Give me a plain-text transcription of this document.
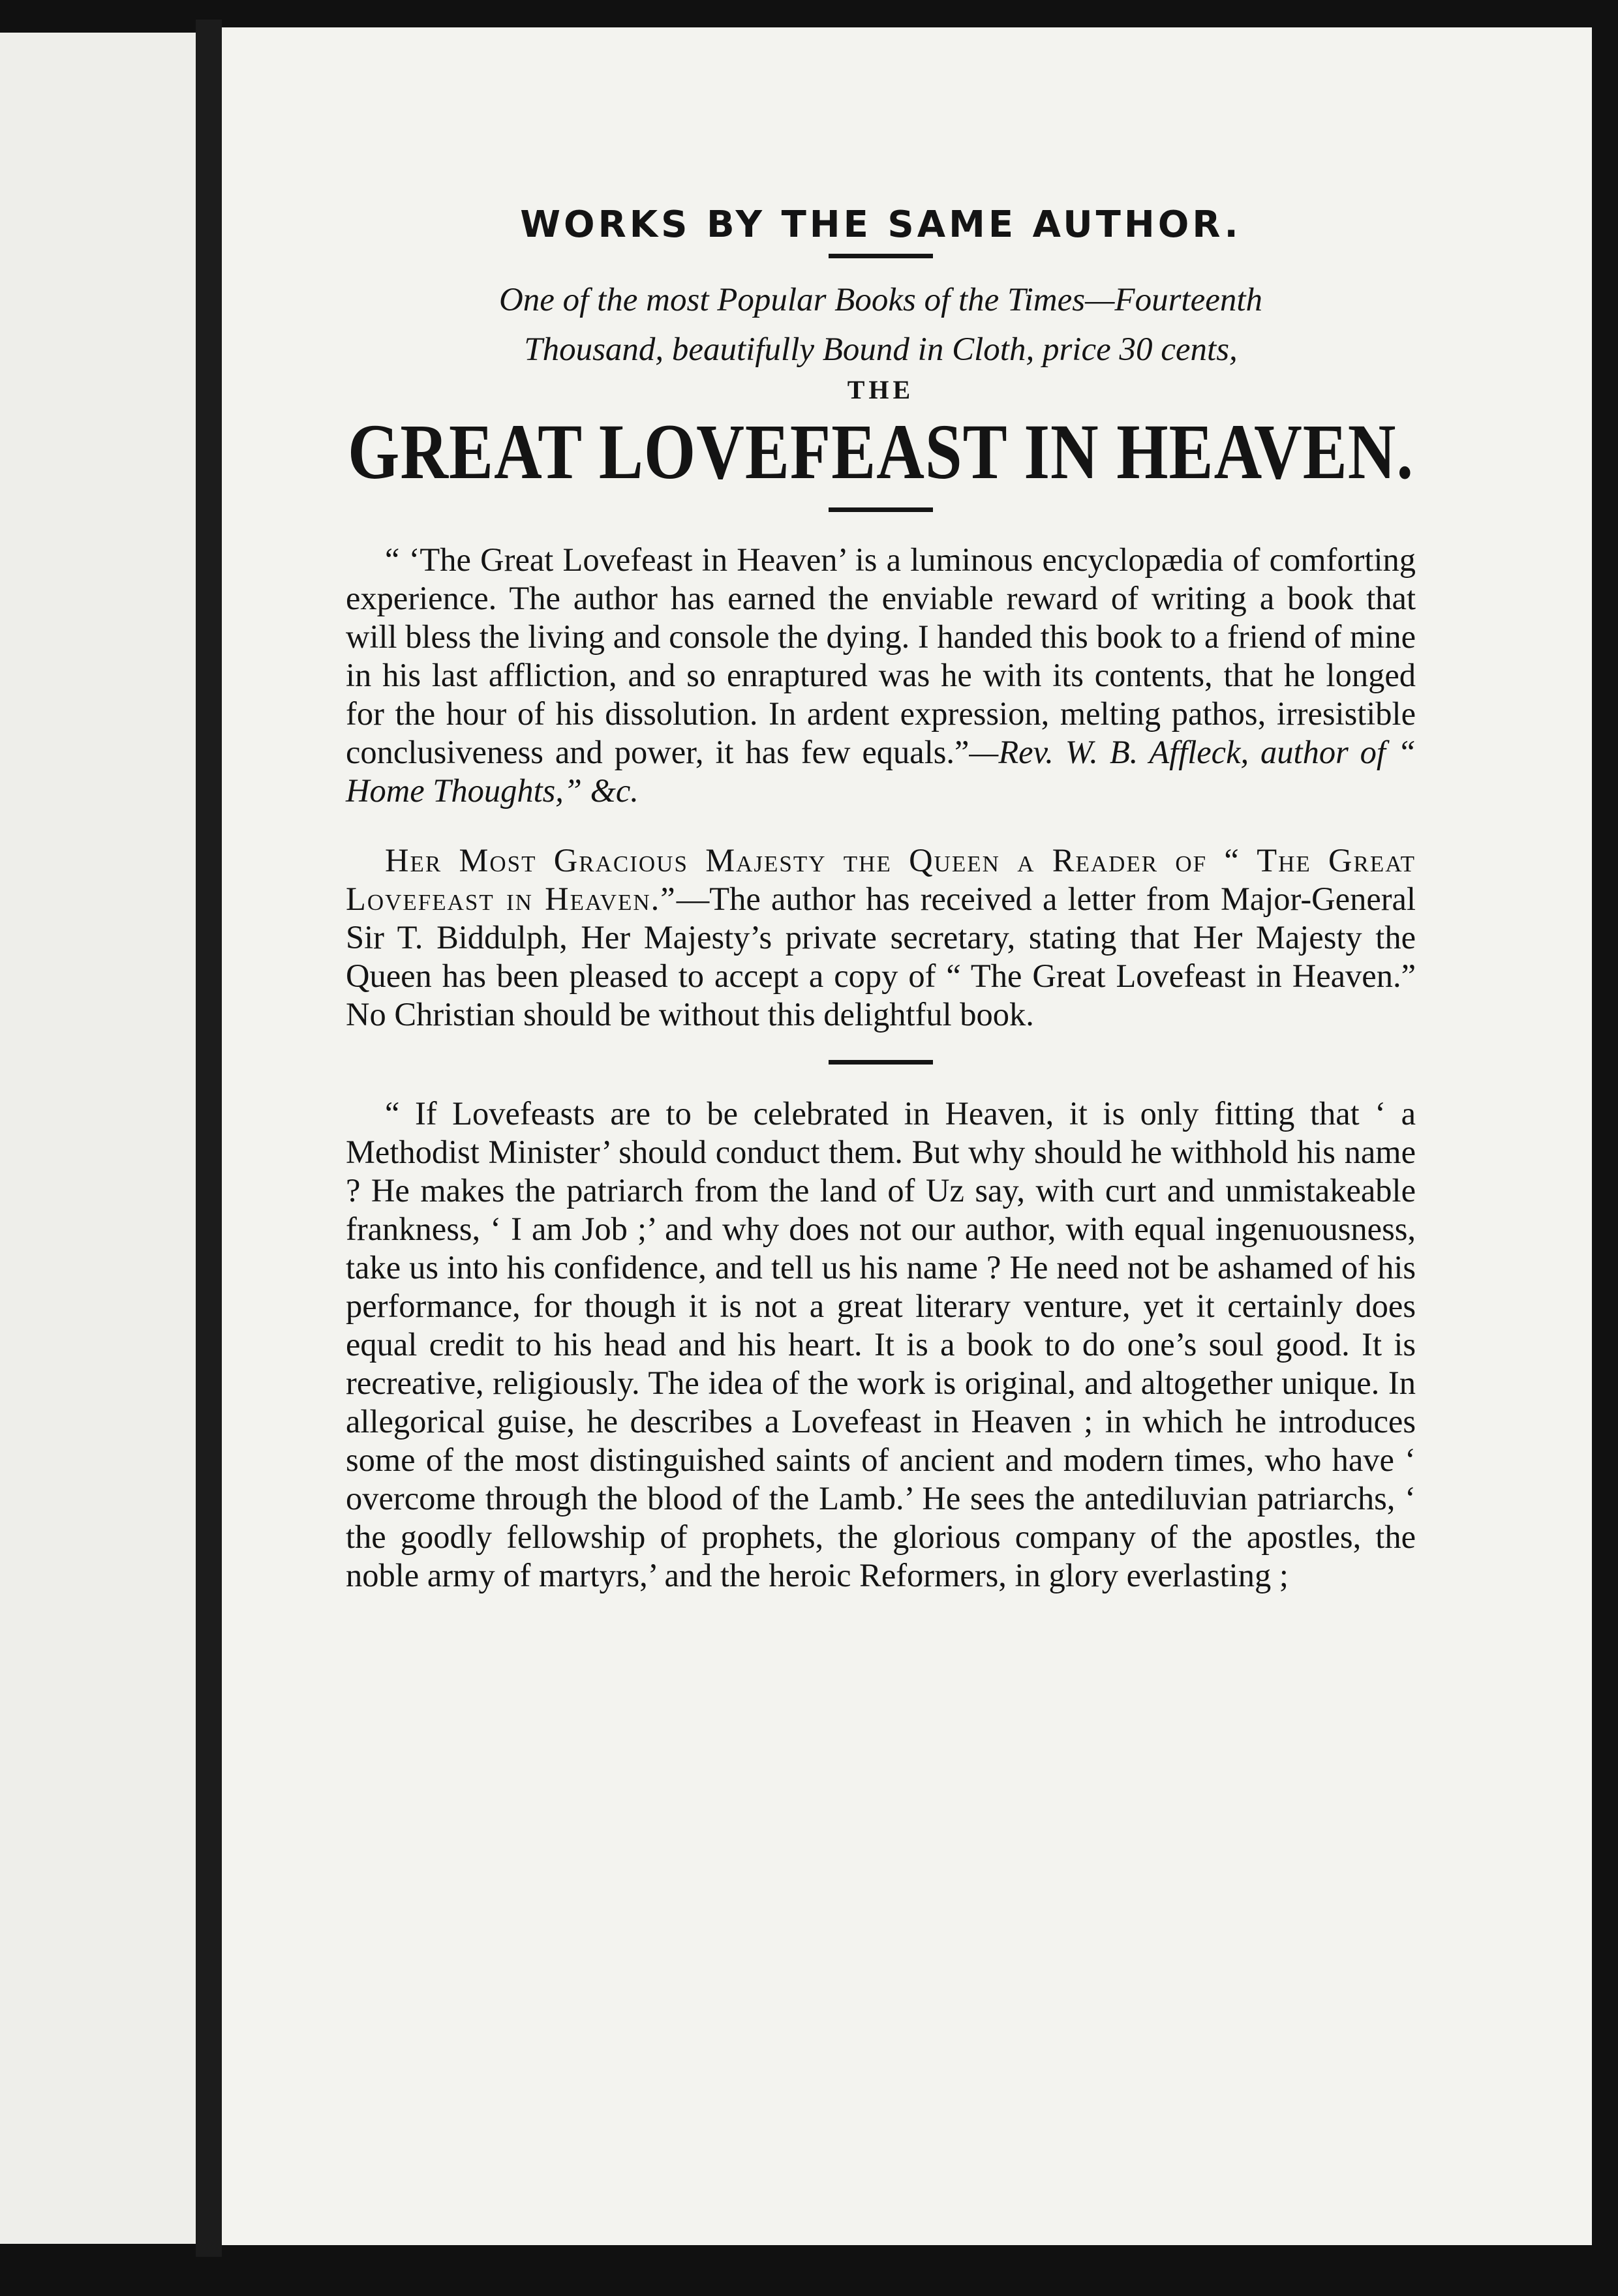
WORKS BY THE SAME AUTHOR.

One of the most Popular Books of the Times—Fourteenth

Thousand, beautifully Bound in Cloth, price 30 cents,

THE

GREAT LOVEFEAST IN HEAVEN.

“ ‘The Great Lovefeast in Heaven’ is a luminous encyclopædia of comforting experience. The author has earned the enviable reward of writing a book that will bless the living and console the dying. I handed this book to a friend of mine in his last affliction, and so enraptured was he with its contents, that he longed for the hour of his dissolution. In ardent expression, melting pathos, irresistible conclusiveness and power, it has few equals.”—Rev. W. B. Affleck, author of “ Home Thoughts,” &c.

Her Most Gracious Majesty the Queen a Reader of “ The Great Lovefeast in Heaven.”—The author has received a letter from Major-General Sir T. Biddulph, Her Majesty’s private secretary, stating that Her Majesty the Queen has been pleased to accept a copy of “ The Great Lovefeast in Heaven.” No Christian should be without this delightful book.

“ If Lovefeasts are to be celebrated in Heaven, it is only fitting that ‘ a Methodist Minister’ should conduct them. But why should he withhold his name ? He makes the patriarch from the land of Uz say, with curt and unmistakeable frankness, ‘ I am Job ;’ and why does not our author, with equal ingenuousness, take us into his confidence, and tell us his name ? He need not be ashamed of his performance, for though it is not a great literary venture, yet it certainly does equal credit to his head and his heart. It is a book to do one’s soul good. It is recreative, religiously. The idea of the work is original, and altogether unique. In allegorical guise, he describes a Lovefeast in Heaven ; in which he introduces some of the most distinguished saints of ancient and modern times, who have ‘ overcome through the blood of the Lamb.’ He sees the antediluvian patriarchs, ‘ the goodly fellowship of prophets, the glorious company of the apostles, the noble army of martyrs,’ and the heroic Reformers, in glory everlasting ;
